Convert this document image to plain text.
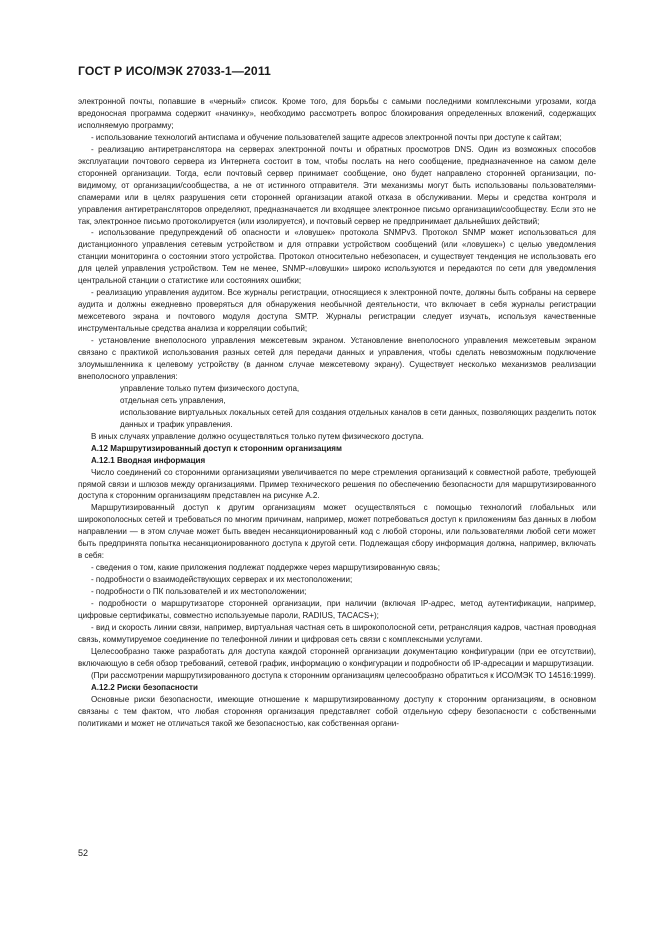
ГОСТ Р ИСО/МЭК 27033-1—2011

электронной почты, попавшие в «черный» список. Кроме того, для борьбы с самыми последними комплексными угрозами, когда вредоносная программа содержит «начинку», необходимо рассмотреть вопрос блокирования определенных вложений, содержащих исполняемую программу;

- использование технологий антиспама и обучение пользователей защите адресов электронной почты при доступе к сайтам;

- реализацию антиретранслятора на серверах электронной почты и обратных просмотров DNS. Один из возможных способов эксплуатации почтового сервера из Интернета состоит в том, чтобы послать на него сообщение, предназначенное на самом деле сторонней организации. Тогда, если почтовый сервер принимает сообщение, оно будет направлено сторонней организации, по-видимому, от организации/сообщества, а не от истинного отправителя. Эти механизмы могут быть использованы пользователями-спамерами или в целях разрушения сети сторонней организации атакой отказа в обслуживании. Меры и средства контроля и управления антиретрансляторов определяют, предназначается ли входящее электронное письмо организации/сообществу. Если это не так, электронное письмо протоколируется (или изолируется), и почтовый сервер не предпринимает дальнейших действий;

- использование предупреждений об опасности и «ловушек» протокола SNMPv3. Протокол SNMP может использоваться для дистанционного управления сетевым устройством и для отправки устройством сообщений (или «ловушек») с целью уведомления станции мониторинга о состоянии этого устройства. Протокол относительно небезопасен, и существует тенденция не использовать его для целей управления устройством. Тем не менее, SNMP-«ловушки» широко используются и передаются по сети для уведомления центральной станции о статистике или состояниях ошибки;

- реализацию управления аудитом. Все журналы регистрации, относящиеся к электронной почте, должны быть собраны на сервере аудита и должны ежедневно проверяться для обнаружения необычной деятельности, что включает в себя журналы регистрации межсетевого экрана и почтового модуля доступа SMTP. Журналы регистрации следует изучать, используя качественные инструментальные средства анализа и корреляции событий;

- установление внеполосного управления межсетевым экраном. Установление внеполосного управления межсетевым экраном связано с практикой использования разных сетей для передачи данных и управления, чтобы сделать невозможным подключение злоумышленника к целевому устройству (в данном случае межсетевому экрану). Существует несколько механизмов реализации внеполосного управления:

управление только путем физического доступа,

отдельная сеть управления,

использование виртуальных локальных сетей для создания отдельных каналов в сети данных, позволяющих разделить поток данных и трафик управления.

В иных случаях управление должно осуществляться только путем физического доступа.

А.12 Маршрутизированный доступ к сторонним организациям

А.12.1 Вводная информация

Число соединений со сторонними организациями увеличивается по мере стремления организаций к совместной работе, требующей прямой связи и шлюзов между организациями. Пример технического решения по обеспечению безопасности для маршрутизированного доступа к сторонним организациям представлен на рисунке А.2.

Маршрутизированный доступ к другим организациям может осуществляться с помощью технологий глобальных или широкополосных сетей и требоваться по многим причинам, например, может потребоваться доступ к приложениям баз данных в любом направлении — в этом случае может быть введен несанкционированный код с любой стороны, или пользователями любой сети может быть предпринята попытка несанкционированного доступа к другой сети. Подлежащая сбору информация должна, например, включать в себя:

- сведения о том, какие приложения подлежат поддержке через маршрутизированную связь;

- подробности о взаимодействующих серверах и их местоположении;

- подробности о ПК пользователей и их местоположении;

- подробности о маршрутизаторе сторонней организации, при наличии (включая IP-адрес, метод аутентификации, например, цифровые сертификаты, совместно используемые пароли, RADIUS, TACACS+);

- вид и скорость линии связи, например, виртуальная частная сеть в широкополосной сети, ретрансляция кадров, частная проводная связь, коммутируемое соединение по телефонной линии и цифровая сеть связи с комплексными услугами.

Целесообразно также разработать для доступа каждой сторонней организации документацию конфигурации (при ее отсутствии), включающую в себя обзор требований, сетевой график, информацию о конфигурации и подробности об IP-адресации и маршрутизации.

(При рассмотрении маршрутизированного доступа к сторонним организациям целесообразно обратиться к ИСО/МЭК ТО 14516:1999).

А.12.2 Риски безопасности

Основные риски безопасности, имеющие отношение к маршрутизированному доступу к сторонним организациям, в основном связаны с тем фактом, что любая сторонняя организация представляет собой отдельную сферу безопасности с собственными политиками и может не отличаться такой же безопасностью, как собственная органи-

52
